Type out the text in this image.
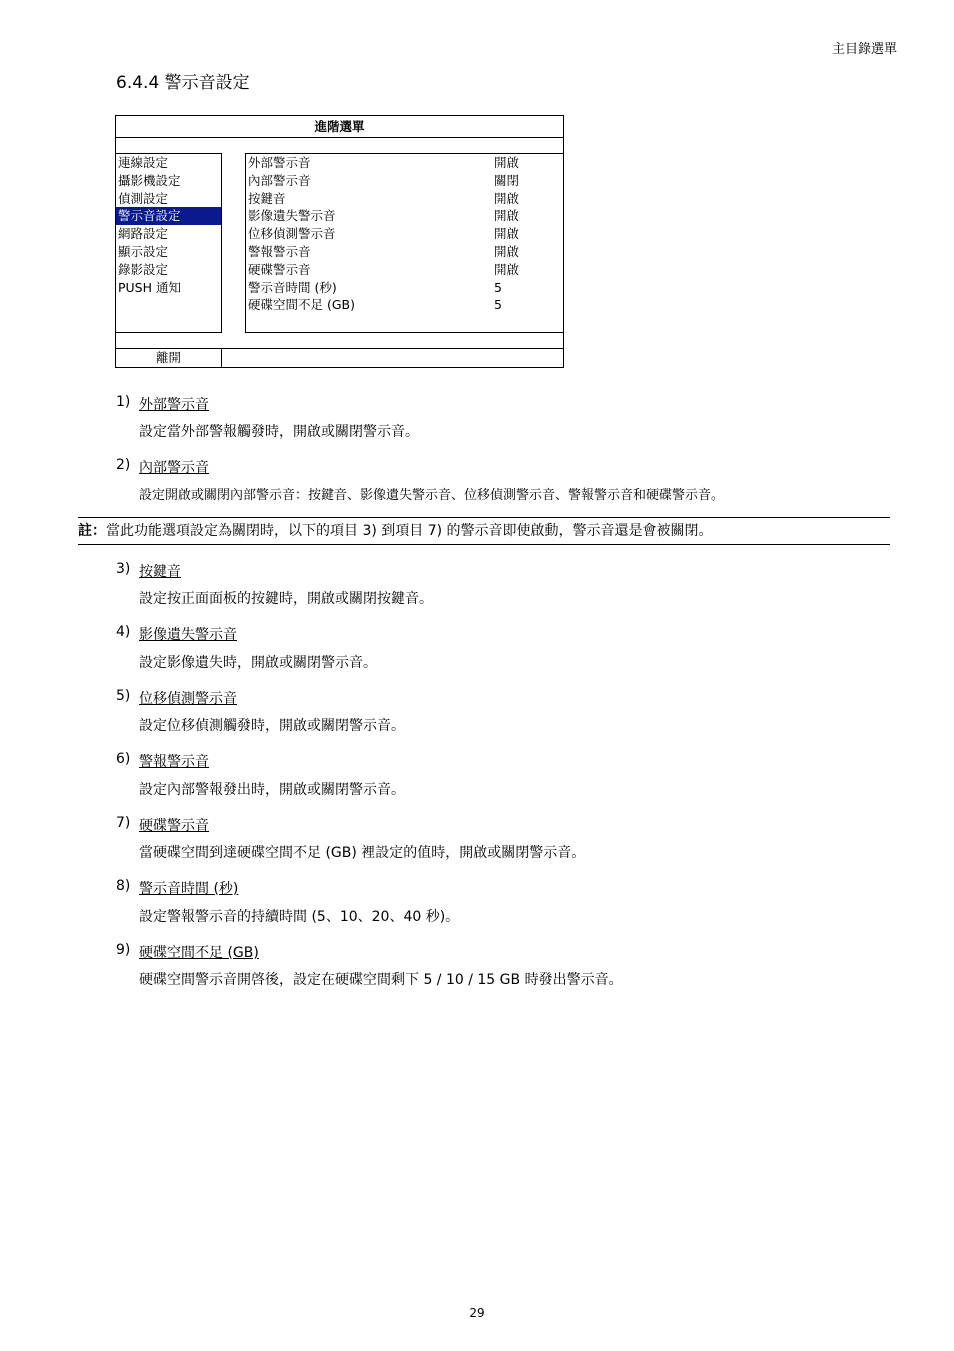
主目錄選單
6.4.4 警示音設定
進階選單
連線設定
攝影機設定
偵測設定
警示音設定
網路設定
顯示設定
錄影設定
PUSH 通知
外部警示音	開啟
內部警示音	關閉
按鍵音	開啟
影像遺失警示音	開啟
位移偵測警示音	開啟
警報警示音	開啟
硬碟警示音	開啟
警示音時間 (秒)	5
硬碟空間不足 (GB)	5
離開
1) 外部警示音
設定當外部警報觸發時，開啟或關閉警示音。
2) 內部警示音
設定開啟或關閉內部警示音：按鍵音、影像遺失警示音、位移偵測警示音、警報警示音和硬碟警示音。
註：當此功能選項設定為關閉時，以下的項目 3) 到項目 7) 的警示音即使啟動，警示音還是會被關閉。
3) 按鍵音
設定按正面面板的按鍵時，開啟或關閉按鍵音。
4) 影像遺失警示音
設定影像遺失時，開啟或關閉警示音。
5) 位移偵測警示音
設定位移偵測觸發時，開啟或關閉警示音。
6) 警報警示音
設定內部警報發出時，開啟或關閉警示音。
7) 硬碟警示音
當硬碟空間到達硬碟空間不足 (GB) 裡設定的值時，開啟或關閉警示音。
8) 警示音時間 (秒)
設定警報警示音的持續時間 (5、10、20、40 秒)。
9) 硬碟空間不足 (GB)
硬碟空間警示音開啓後，設定在硬碟空間剩下 5 / 10 / 15 GB 時發出警示音。
29
